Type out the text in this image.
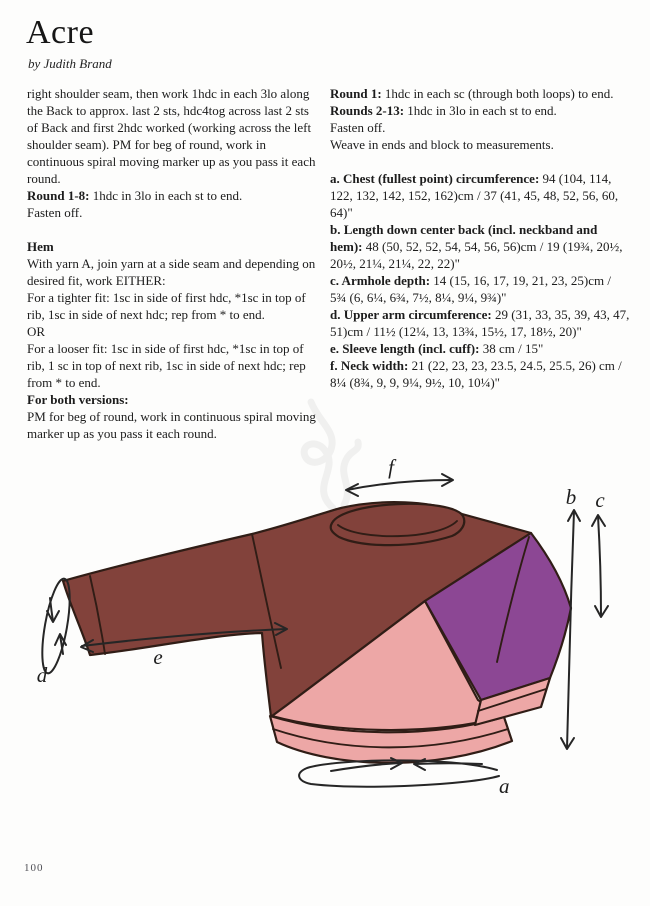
Acre
by Judith Brand
f
b c
e
d
a

right shoulder seam, then work 1hdc in each 3lo along the Back to approx. last 2 sts, hdc4tog across last 2 sts of Back and first 2hdc worked (working across the left shoulder seam). PM for beg of round, work in continuous spiral moving marker up as you pass it each round.

Round 1-8: 1hdc in 3lo in each st to end.

Fasten off.

Hem

With yarn A, join yarn at a side seam and depending on desired fit, work EITHER:

For a tighter fit: 1sc in side of first hdc, *1sc in top of rib, 1sc in side of next hdc; rep from * to end.

OR

For a looser fit: 1sc in side of first hdc, *1sc in top of rib, 1 sc in top of next rib, 1sc in side of next hdc; rep from * to end.

For both versions:

PM for beg of round, work in continuous spiral moving marker up as you pass it each round.

Round 1: 1hdc in each sc (through both loops) to end.

Rounds 2-13: 1hdc in 3lo in each st to end.

Fasten off.

Weave in ends and block to measurements.

a. Chest (fullest point) circumference: 94 (104, 114, 122, 132, 142, 152, 162)cm / 37 (41, 45, 48, 52, 56, 60, 64)"

b. Length down center back (incl. neckband and hem): 48 (50, 52, 52, 54, 54, 56, 56)cm / 19 (19¾, 20½, 20½, 21¼, 21¼, 22, 22)"

c. Armhole depth: 14 (15, 16, 17, 19, 21, 23, 25)cm / 5¾ (6, 6¼, 6¾, 7½, 8¼, 9¼, 9¾)"

d. Upper arm circumference: 29 (31, 33, 35, 39, 43, 47, 51)cm / 11½ (12¼, 13, 13¾, 15½, 17, 18½, 20)"

e. Sleeve length (incl. cuff): 38 cm / 15"

f. Neck width: 21 (22, 23, 23, 23.5, 24.5, 25.5, 26) cm / 8¼ (8¾, 9, 9, 9¼, 9½, 10, 10¼)"

100
